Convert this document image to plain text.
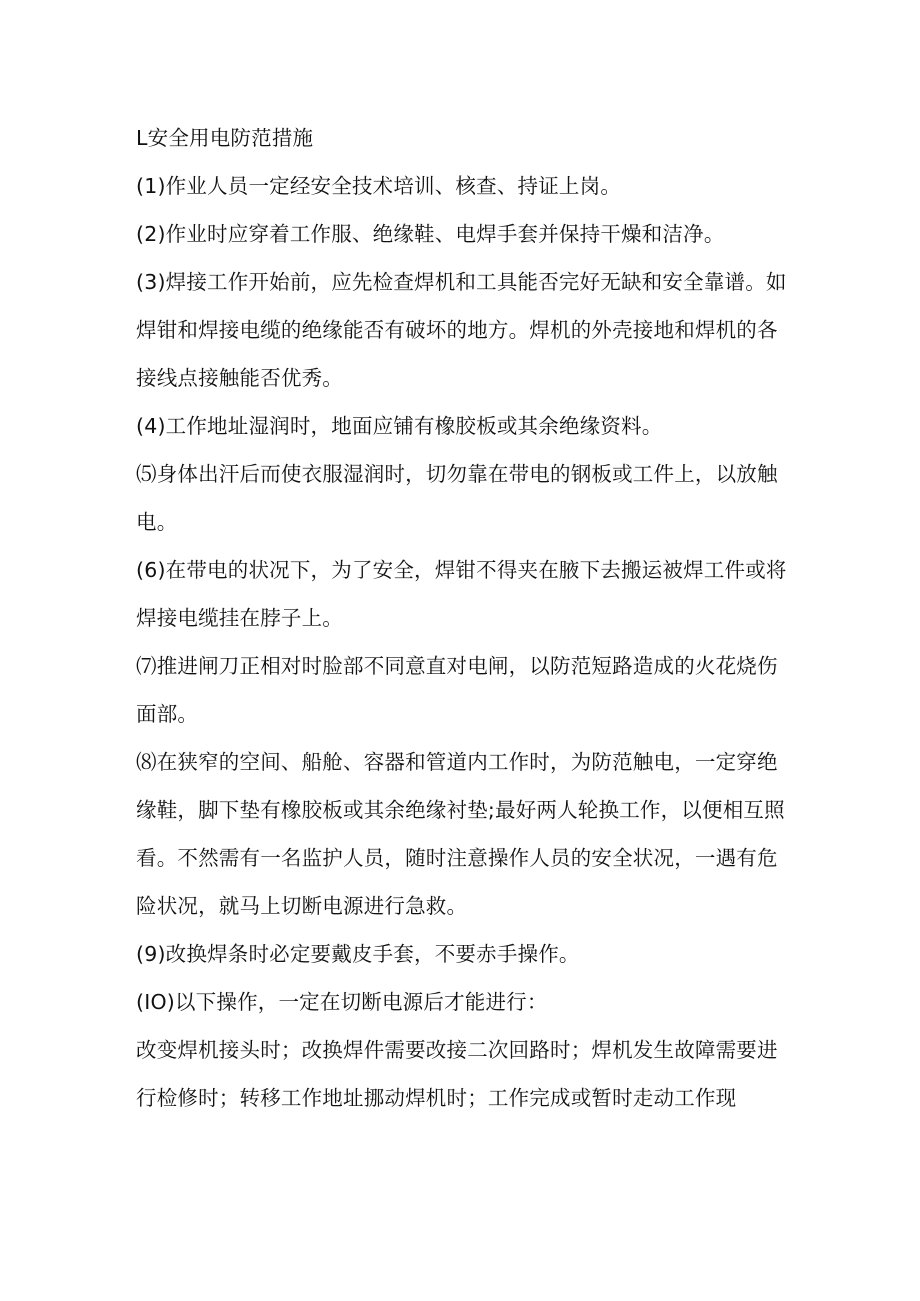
L安全用电防范措施

(1)作业人员一定经安全技术培训、核查、持证上岗。

(2)作业时应穿着工作服、绝缘鞋、电焊手套并保持干燥和洁净。

(3)焊接工作开始前，应先检查焊机和工具能否完好无缺和安全靠谱。如焊钳和焊接电缆的绝缘能否有破坏的地方。焊机的外壳接地和焊机的各接线点接触能否优秀。

(4)工作地址湿润时，地面应铺有橡胶板或其余绝缘资料。

⑸身体出汗后而使衣服湿润时，切勿靠在带电的钢板或工件上，以放触电。

(6)在带电的状况下，为了安全，焊钳不得夹在腋下去搬运被焊工件或将焊接电缆挂在脖子上。

⑺推进闸刀正相对时脸部不同意直对电闸，以防范短路造成的火花烧伤面部。

⑻在狭窄的空间、船舱、容器和管道内工作时，为防范触电，一定穿绝缘鞋，脚下垫有橡胶板或其余绝缘衬垫;最好两人轮换工作，以便相互照看。不然需有一名监护人员，随时注意操作人员的安全状况，一遇有危险状况，就马上切断电源进行急救。

(9)改换焊条时必定要戴皮手套，不要赤手操作。

(IO)以下操作，一定在切断电源后才能进行：

改变焊机接头时；改换焊件需要改接二次回路时；焊机发生故障需要进行检修时；转移工作地址挪动焊机时；工作完成或暂时走动工作现
